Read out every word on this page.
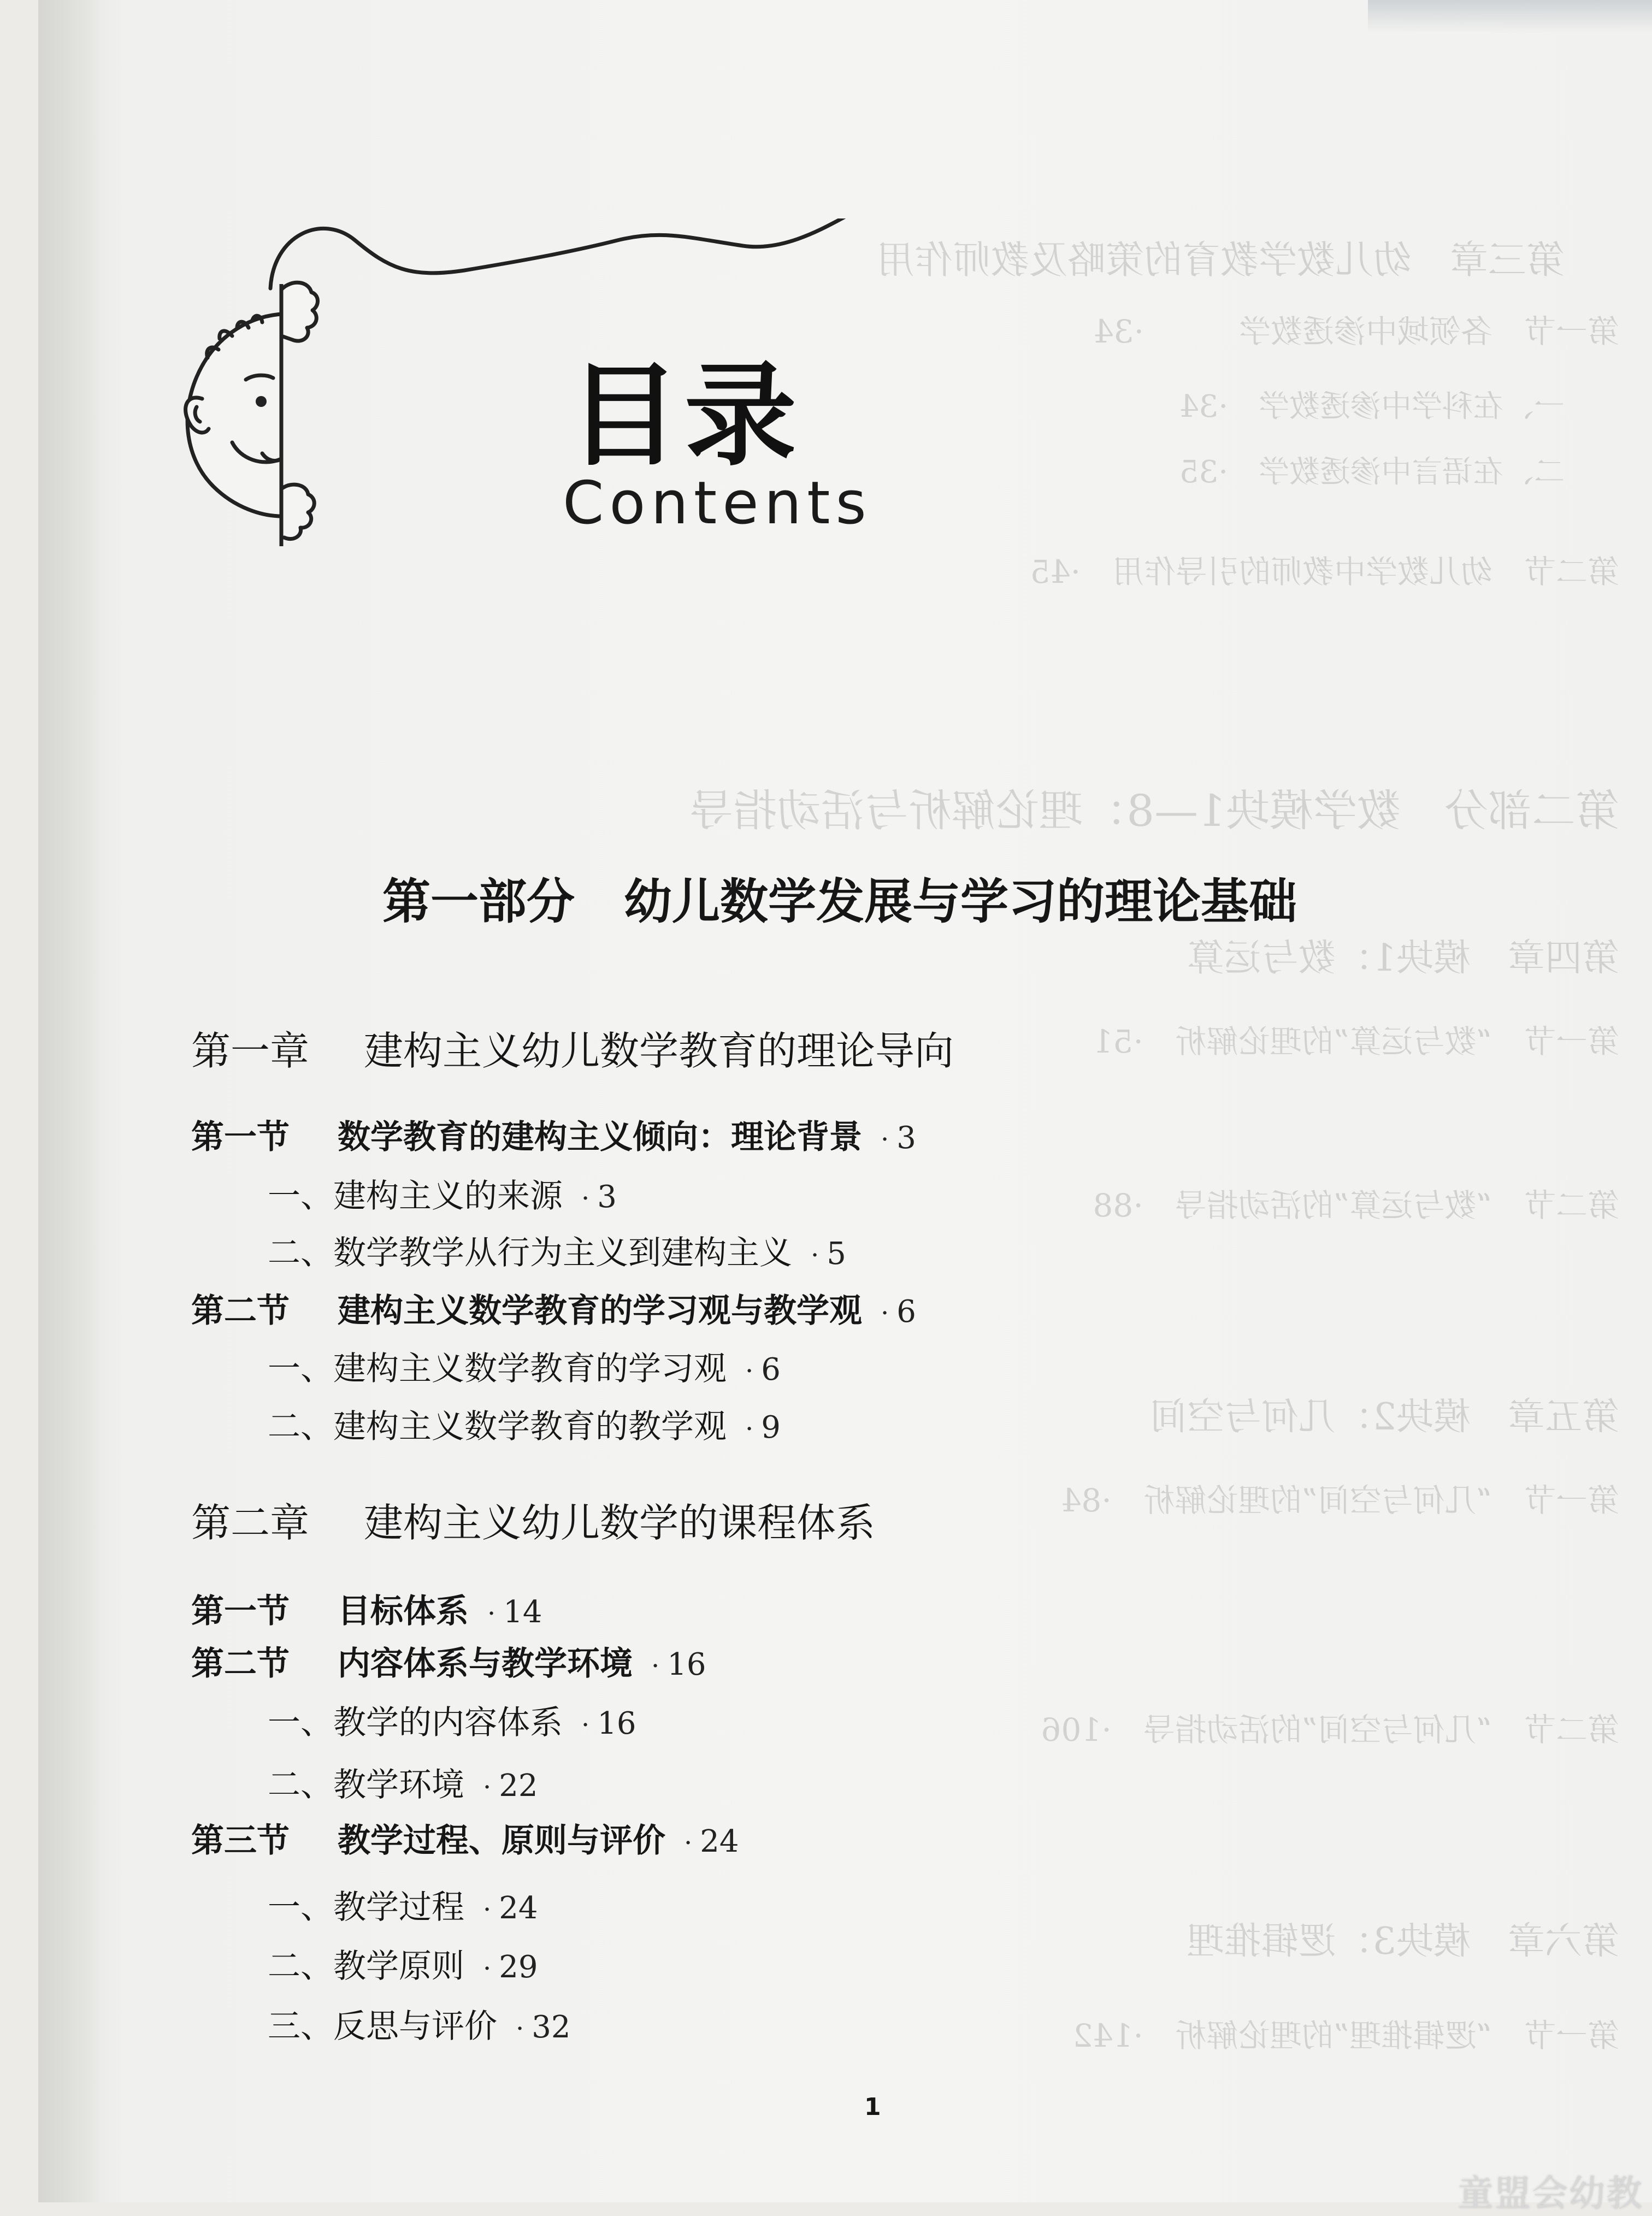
目录
Contents
第一部分 幼儿数学发展与学习的理论基础
第一章 建构主义幼儿数学教育的理论导向
第一节 数学教育的建构主义倾向：理论背景 · 3
一、建构主义的来源 · 3
二、数学教学从行为主义到建构主义 · 5
第二节 建构主义数学教育的学习观与教学观 · 6
一、建构主义数学教育的学习观 · 6
二、建构主义数学教育的教学观 · 9
第二章 建构主义幼儿数学的课程体系
第一节 目标体系 · 14
第二节 内容体系与教学环境 · 16
一、教学的内容体系 · 16
二、教学环境 · 22
第三节 教学过程、原则与评价 · 24
一、教学过程 · 24
二、教学原则 · 29
三、反思与评价 · 32
1
童盟会幼教
